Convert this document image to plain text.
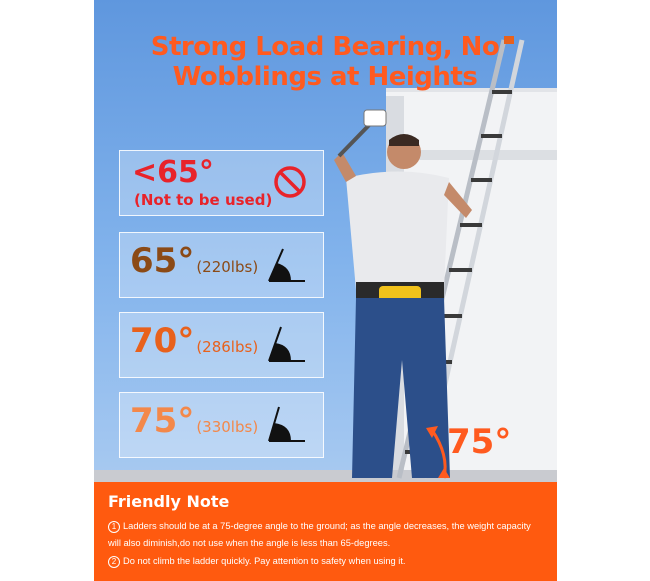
Strong Load Bearing, No
Wobblings at Heights
<65°
(Not to be used)
65° (220lbs)
70° (286lbs)
75° (330lbs)	75°
Friendly Note
1 Ladders should be at a 75-degree angle to the ground; as the angle decreases, the weight capacity
will also diminish,do not use when the angle is less than 65-degrees.
2 Do not climb the ladder quickly. Pay attention to safety when using it.
